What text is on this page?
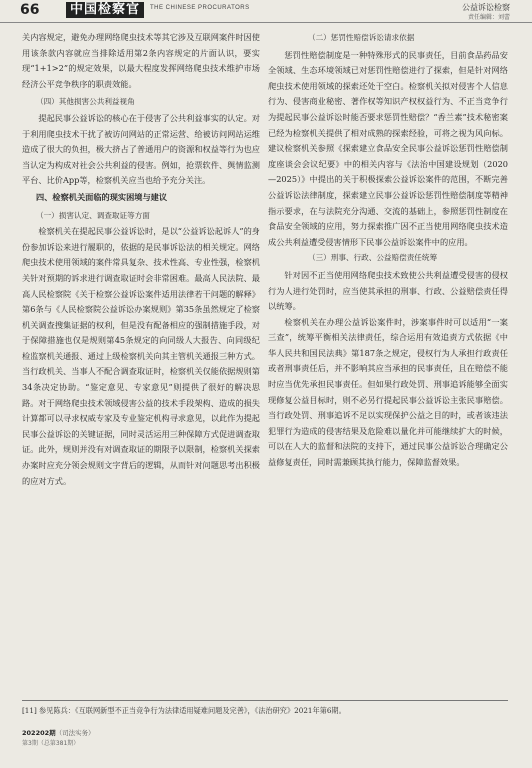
66	中国检察官	THE CHINESE PROCURATORS	公益诉讼检察
责任编辑：刘蕾

关内容规定，避免办理网络爬虫技术等其它涉及互联网案件时因使用该条款内容就应当排除适用第2条内容规定的片面认识，要实现“1+1>2”的规定效果，以最大程度发挥网络爬虫技术维护市场经济公平竞争秩序的职责效能。

（四）其他损害公共利益视角

提起民事公益诉讼的核心在于侵害了公共利益事实的认定。对于利用爬虫技术干扰了被访问网站的正常运营、给被访问网站运维造成了很大的负担，极大挤占了普通用户的资源和权益等行为也应当认定为构成对社会公共利益的侵害。例如，抢票软件、舆情监测平台、比价App等，检察机关应当也给予充分关注。

四、检察机关面临的现实困境与建议
（一）损害认定、调查取证等方面

检察机关在提起民事公益诉讼时，是以“公益诉讼起诉人”的身份参加诉讼来进行履职的，依据的是民事诉讼法的相关规定。网络爬虫技术使用领域的案件常具复杂、技术性高、专业性强，检察机关针对预期的诉求进行调查取证时会非常困难。最高人民法院、最高人民检察院《关于检察公益诉讼案件适用法律若干问题的解释》第6条与《人民检察院公益诉讼办案规则》第35条虽然规定了检察机关调查搜集证据的权利，但是没有配备相应的强制措施手段，对于保障措施也仅是规则第45条规定的向同级人大报告、向同级纪检监察机关通报、通过上级检察机关向其主管机关通报三种方式。当行政机关、当事人不配合调查取证时，检察机关仅能依据规则第34条决定协助。“鉴定意见、专家意见”则提供了很好的解决思路。对于网络爬虫技术领域侵害公益的技术手段架构、造成的损失计算都可以寻求权威专家及专业鉴定机构寻求意见，以此作为提起民事公益诉讼的关键证据，同时灵活运用三种保障方式促进调查取证。此外，规则并没有对调查取证的期限予以限制，检察机关探索办案时应充分领会规则文字背后的逻辑，从而针对问题思考出积极的应对方式。

（二）惩罚性赔偿诉讼请求依据

惩罚性赔偿制度是一种特殊形式的民事责任，目前食品药品安全领域、生态环境领域已对惩罚性赔偿进行了探索，但是针对网络爬虫技术使用领域的探索还处于空白。检察机关拟对侵害个人信息行为、侵害商业秘密、著作权等知识产权权益行为、不正当竞争行为提起民事公益诉讼时能否要求惩罚性赔偿？“香兰素”技术秘密案已经为检察机关提供了相对成熟的探索经验，可将之视为风向标。建议检察机关参照《探索建立食品安全民事公益诉讼惩罚性赔偿制度座谈会会议纪要》中的相关内容与《法治中国建设规划（2020—2025）》中提出的关于积极探索公益诉讼案件的范围，不断完善公益诉讼法律制度，探索建立民事公益诉讼惩罚性赔偿制度等精神指示要求，在与法院充分沟通、交流的基础上，参照惩罚性制度在食品安全领域的应用，努力探索推广因不正当使用网络爬虫技术造成公共利益遭受侵害情形下民事公益诉讼案件中的应用。

（三）刑事、行政、公益赔偿责任统筹

针对因不正当使用网络爬虫技术致使公共利益遭受侵害的侵权行为人进行处罚时，应当使其承担的刑事、行政、公益赔偿责任得以统筹。

检察机关在办理公益诉讼案件时，涉案事件时可以适用“一案三查”，统筹平衡相关法律责任，综合运用有效追责方式依据《中华人民共和国民法典》第187条之规定，侵权行为人承担行政责任或者刑事责任后，并不影响其应当承担的民事责任，且在赔偿不能时应当优先承担民事责任。但如果行政处罚、刑事追诉能够全面实现修复公益目标时，则不必另行提起民事公益诉讼主张民事赔偿。当行政处罚、刑事追诉不足以实现保护公益之目的时，或者该违法犯罪行为造成的侵害结果及危险难以量化并可能继续扩大的时候，可以在人大的监督和法院的支持下，通过民事公益诉讼合理确定公益修复责任，同时需兼顾其执行能力，保障监督效果。

[11] 参见陈兵：《互联网新型不正当竞争行为法律适用疑难问题及完善》，《法治研究》2021年第6期。
202202期（司法实务）
第3期（总第381期）
